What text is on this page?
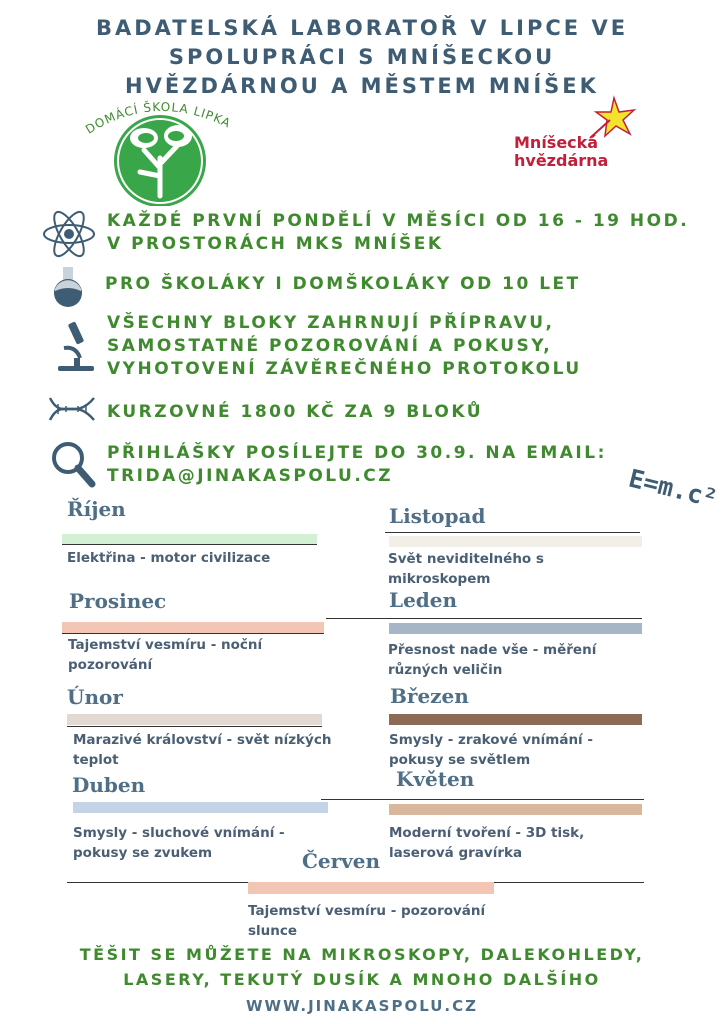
BADATELSKÁ LABORATOŘ V LIPCE VE
SPOLUPRÁCI S MNÍŠECKOU
HVĚZDÁRNOU A MĚSTEM MNÍŠEK
DOMÁCÍ ŠKOLA LIPKA
Mníšecká
hvězdárna
KAŽDÉ PRVNÍ PONDĚLÍ V MĚSÍCI OD 16 - 19 HOD.
V PROSTORÁCH MKS MNÍŠEK
PRO ŠKOLÁKY I DOMŠKOLÁKY OD 10 LET
VŠECHNY BLOKY ZAHRNUJÍ PŘÍPRAVU,
SAMOSTATNÉ POZOROVÁNÍ A POKUSY,
VYHOTOVENÍ ZÁVĚREČNÉHO PROTOKOLU
KURZOVNÉ 1800 KČ ZA 9 BLOKŮ
PŘIHLÁŠKY POSÍLEJTE DO 30.9. NA EMAIL:
TRIDA@JINAKASPOLU.CZ	E=m.c²
Říjen
Elektřina - motor civilizace
Prosinec
Tajemství vesmíru - noční
pozorování
Únor
Marazivé království - svět nízkých
teplot
Duben
Smysly - sluchové vnímání -
pokusy se zvukem
Listopad
Svět neviditelného s
mikroskopem
Leden
Přesnost nade vše - měření
různých veličin
Březen
Smysly - zrakové vnímání -
pokusy se světlem
Květen
Moderní tvoření - 3D tisk,
laserová gravírka
Červen
Tajemství vesmíru - pozorování
slunce
TĚŠIT SE MŮŽETE NA MIKROSKOPY, DALEKOHLEDY,
LASERY, TEKUTÝ DUSÍK A MNOHO DALŠÍHO
WWW.JINAKASPOLU.CZ
